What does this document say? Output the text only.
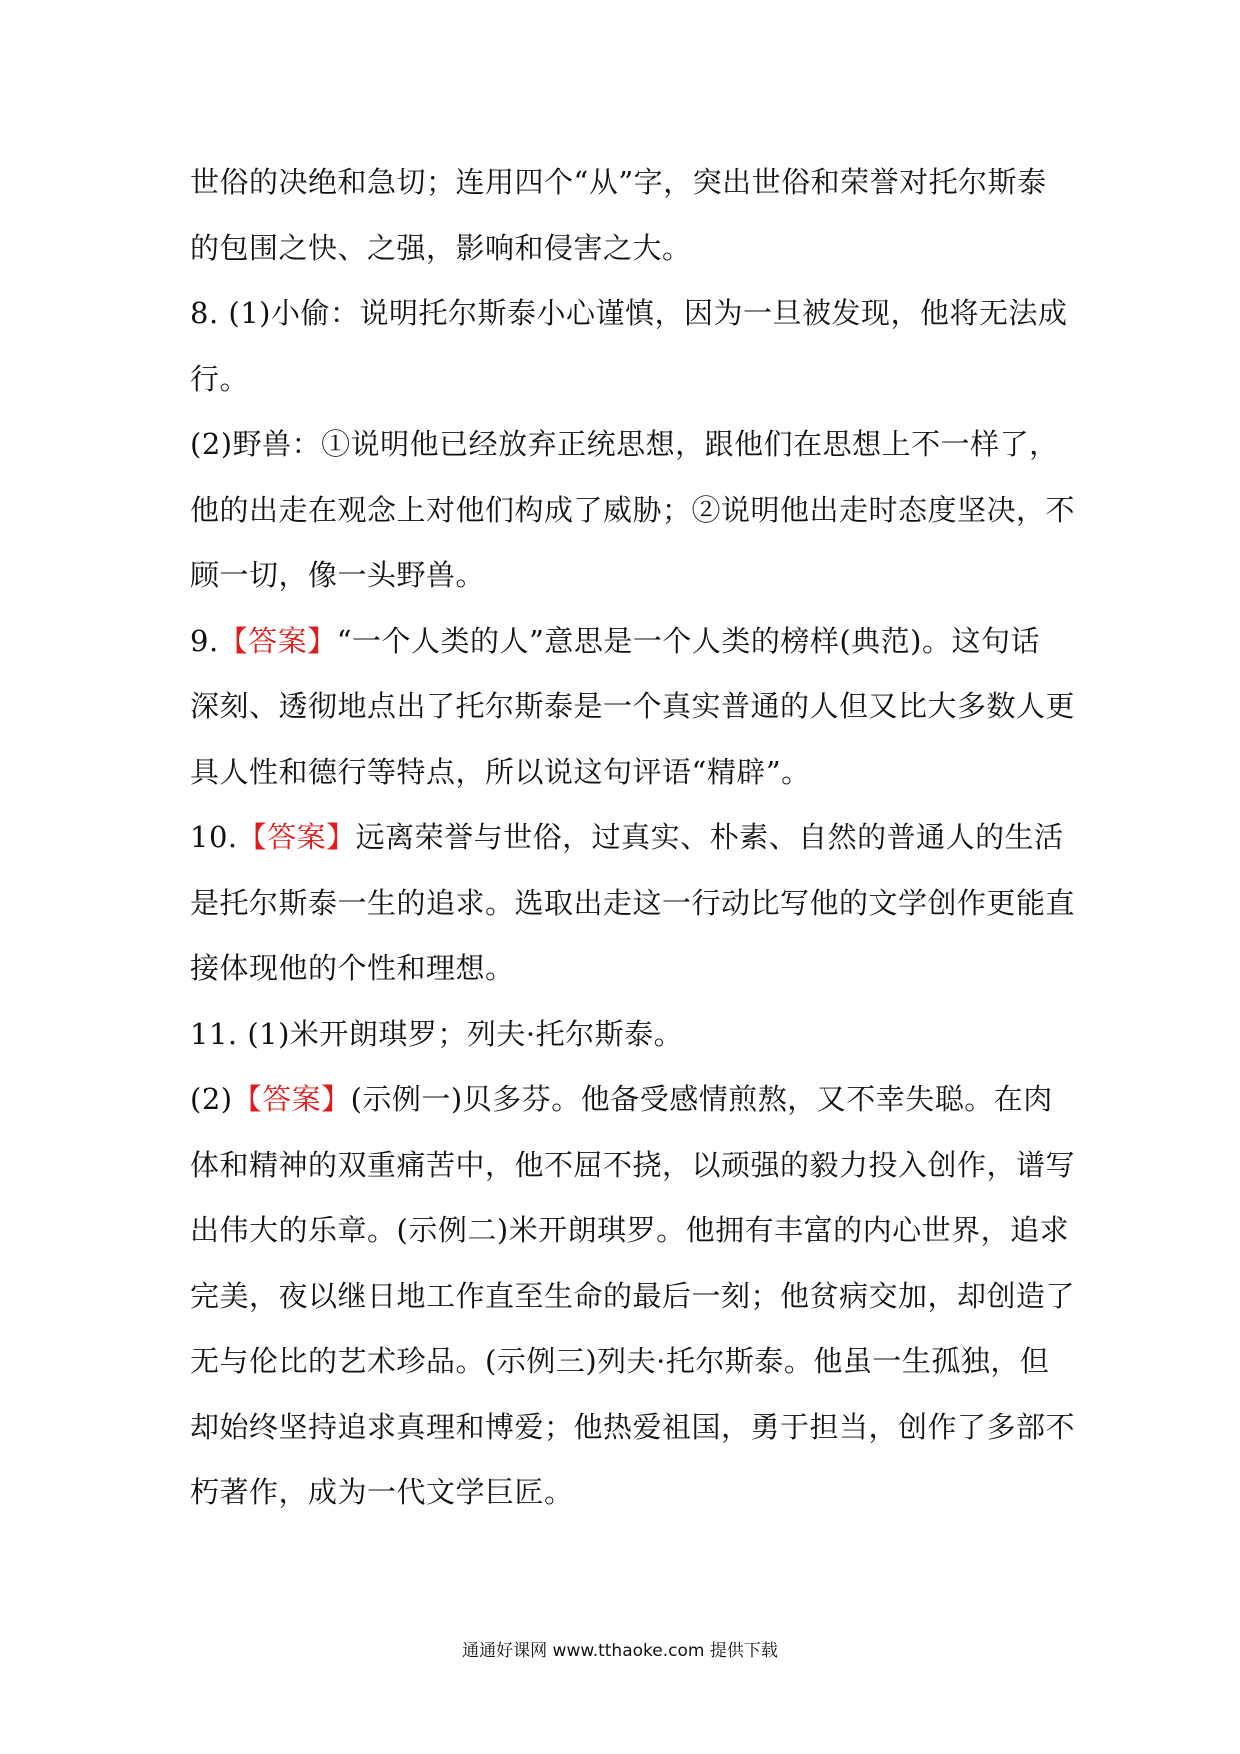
世俗的决绝和急切；连用四个“从”字，突出世俗和荣誉对托尔斯泰
的包围之快、之强，影响和侵害之大。
8. (1)小偷：说明托尔斯泰小心谨慎，因为一旦被发现，他将无法成
行。
(2)野兽：①说明他已经放弃正统思想，跟他们在思想上不一样了，
他的出走在观念上对他们构成了威胁；②说明他出走时态度坚决，不
顾一切，像一头野兽。
9.【答案】“一个人类的人”意思是一个人类的榜样(典范)。这句话
深刻、透彻地点出了托尔斯泰是一个真实普通的人但又比大多数人更
具人性和德行等特点，所以说这句评语“精辟”。
10.【答案】远离荣誉与世俗，过真实、朴素、自然的普通人的生活
是托尔斯泰一生的追求。选取出走这一行动比写他的文学创作更能直
接体现他的个性和理想。
11. (1)米开朗琪罗；列夫·托尔斯泰。
(2)【答案】(示例一)贝多芬。他备受感情煎熬，又不幸失聪。在肉
体和精神的双重痛苦中，他不屈不挠，以顽强的毅力投入创作，谱写
出伟大的乐章。(示例二)米开朗琪罗。他拥有丰富的内心世界，追求
完美，夜以继日地工作直至生命的最后一刻；他贫病交加，却创造了
无与伦比的艺术珍品。(示例三)列夫·托尔斯泰。他虽一生孤独，但
却始终坚持追求真理和博爱；他热爱祖国，勇于担当，创作了多部不
朽著作，成为一代文学巨匠。
通通好课网 www.tthaoke.com 提供下载
